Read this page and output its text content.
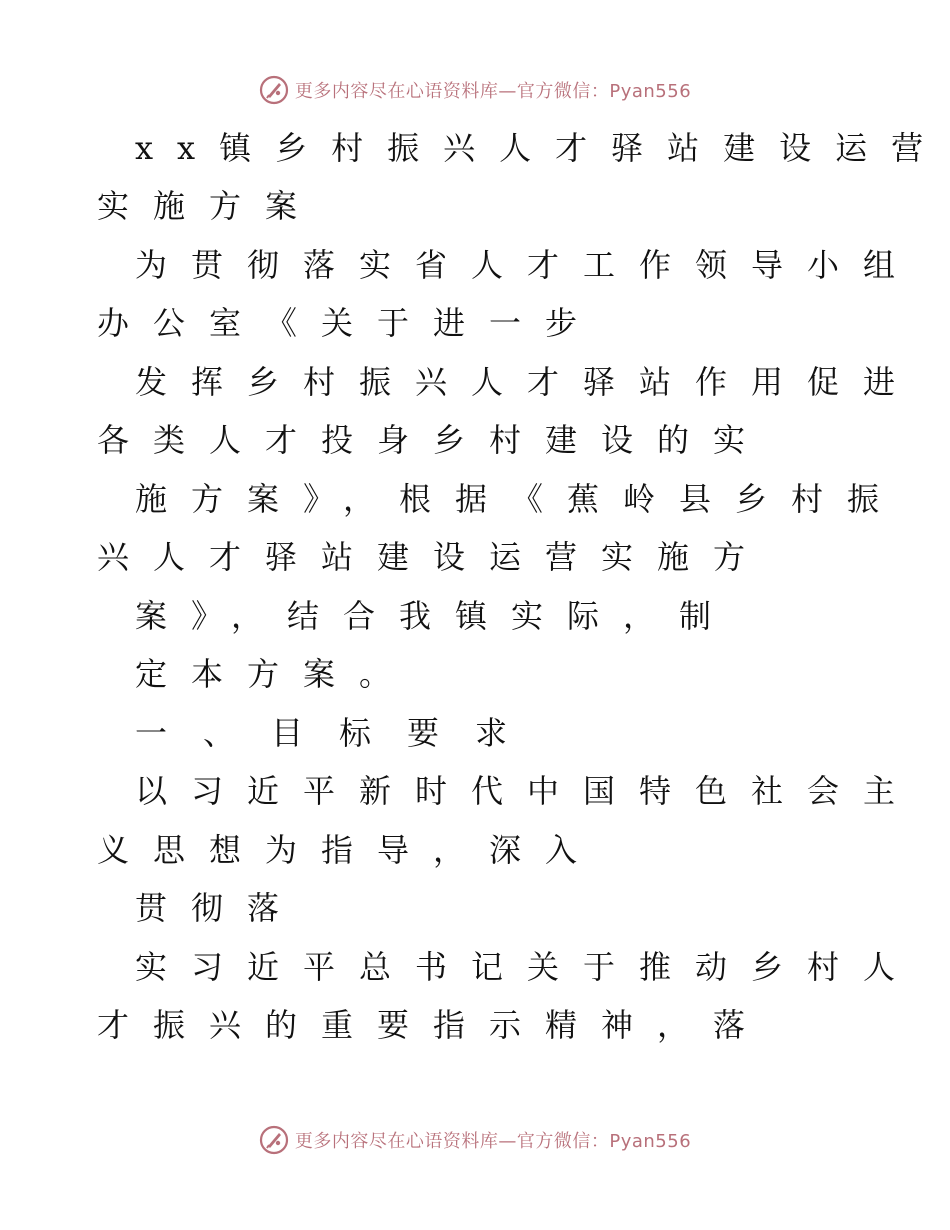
更多内容尽在心语资料库—官方微信：Pyan556
xx镇乡村振兴人才驿站建设运营
实施方案
为贯彻落实省人才工作领导小组
办公室《关于进一步
发挥乡村振兴人才驿站作用促进
各类人才投身乡村建设的实
施方案》，根据《蕉岭县乡村振
兴人才驿站建设运营实施方
案》，结合我镇实际，制
定本方案。
一、目标要求
以习近平新时代中国特色社会主
义思想为指导，深入
贯彻落
实习近平总书记关于推动乡村人
才振兴的重要指示精神，落
更多内容尽在心语资料库—官方微信：Pyan556
